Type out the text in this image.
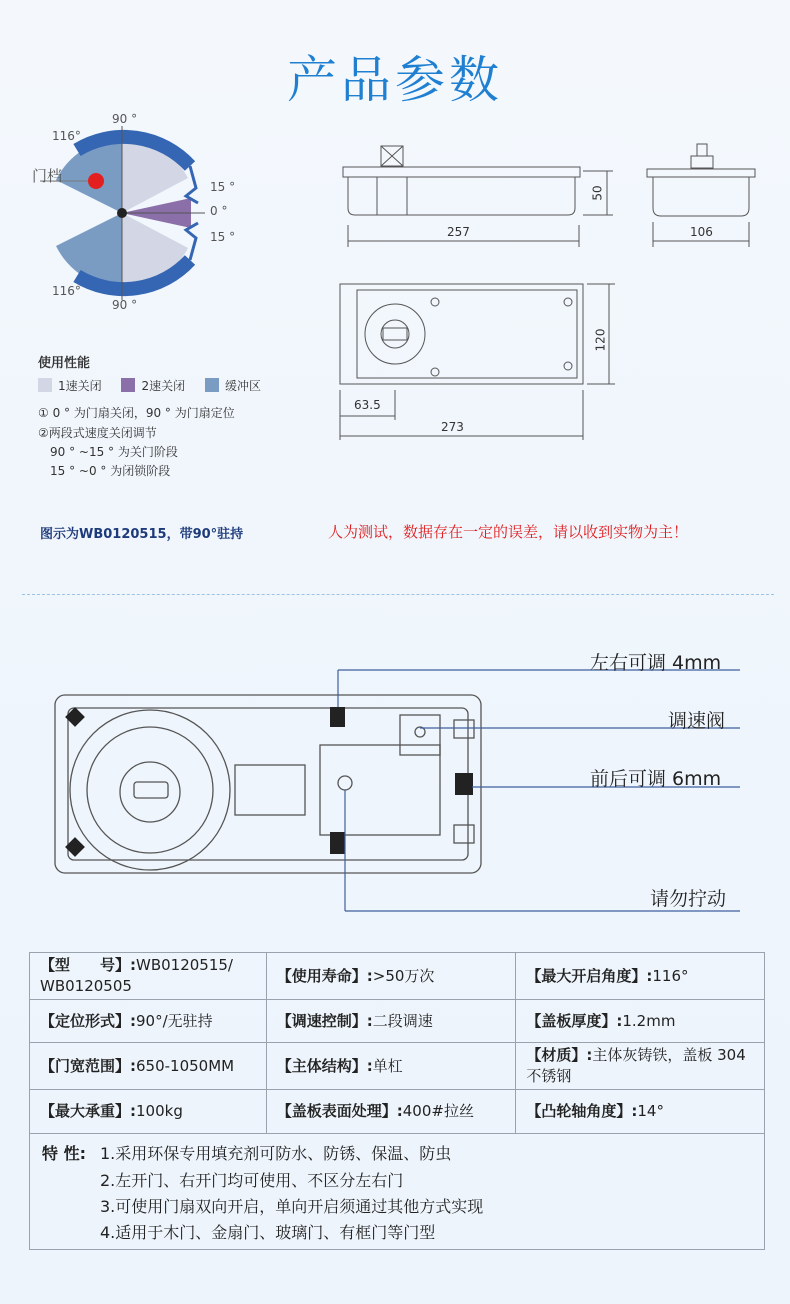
产品参数
90 °
90 °
116°
116°
15 °
0 °
15 °
门档
使用性能
1速关闭	2速关闭	缓冲区
① 0 ° 为门扇关闭，90 ° 为门扇定位
②两段式速度关闭调节
90 ° ~15 ° 为关门阶段
15 ° ~0 ° 为闭锁阶段
257
50
106
120
63.5
273
图示为WB0120515，带90°驻持	人为测试，数据存在一定的误差，请以收到实物为主！
左右可调 4mm
调速阀
前后可调 6mm
请勿拧动
【型　　号】:WB0120515/ WB0120505	【使用寿命】:>50万次	【最大开启角度】:116°
【定位形式】:90°/无驻持	【调速控制】:二段调速	【盖板厚度】:1.2mm
【门宽范围】:650-1050MM	【主体结构】:单杠	【材质】:主体灰铸铁，盖板 304不锈钢
【最大承重】:100kg	【盖板表面处理】:400#拉丝	【凸轮轴角度】:14°
特 性: 1.采用环保专用填充剂可防水、防锈、保温、防虫
2.左开门、右开门均可使用、不区分左右门
3.可使用门扇双向开启，单向开启须通过其他方式实现
4.适用于木门、金扇门、玻璃门、有框门等门型
